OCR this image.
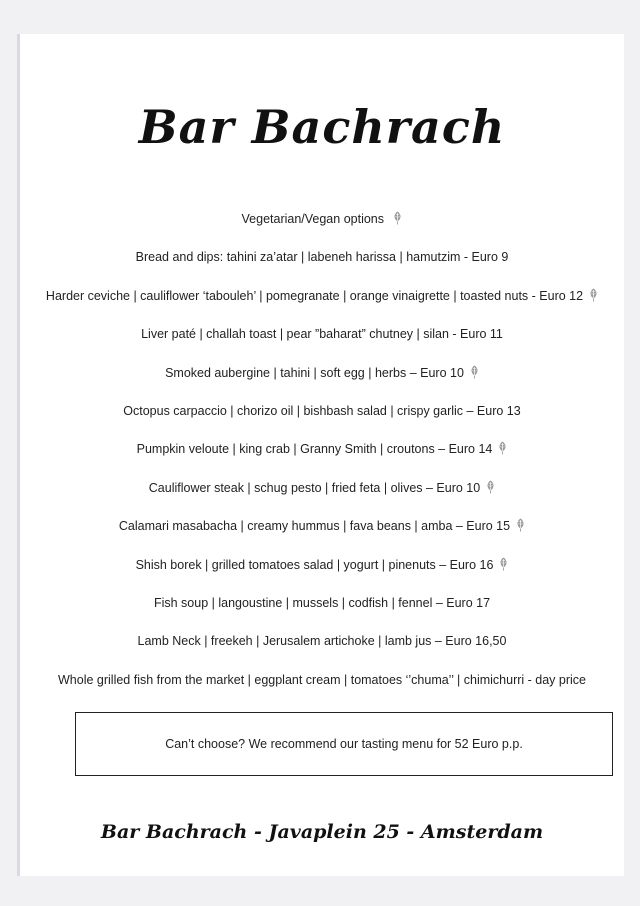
Bar Bachrach
Vegetarian/Vegan options
Bread and dips: tahini za’atar | labeneh harissa | hamutzim - Euro 9
Harder ceviche | cauliflower ‘tabouleh’ | pomegranate | orange vinaigrette | toasted nuts - Euro 12
Liver paté | challah toast | pear ”baharat” chutney | silan - Euro 11
Smoked aubergine | tahini | soft egg | herbs – Euro 10
Octopus carpaccio | chorizo oil | bishbash salad | crispy garlic – Euro 13
Pumpkin veloute | king crab | Granny Smith | croutons – Euro 14
Cauliflower steak | schug pesto | fried feta | olives – Euro 10
Calamari masabacha | creamy hummus | fava beans | amba – Euro 15
Shish borek | grilled tomatoes salad | yogurt | pinenuts – Euro 16
Fish soup | langoustine | mussels | codfish | fennel – Euro 17
Lamb Neck | freekeh | Jerusalem artichoke | lamb jus – Euro 16,50
Whole grilled fish from the market | eggplant cream | tomatoes ‘’chuma’’ | chimichurri - day price
Can’t choose? We recommend our tasting menu for 52 Euro p.p.
Bar Bachrach - Javaplein 25 - Amsterdam
